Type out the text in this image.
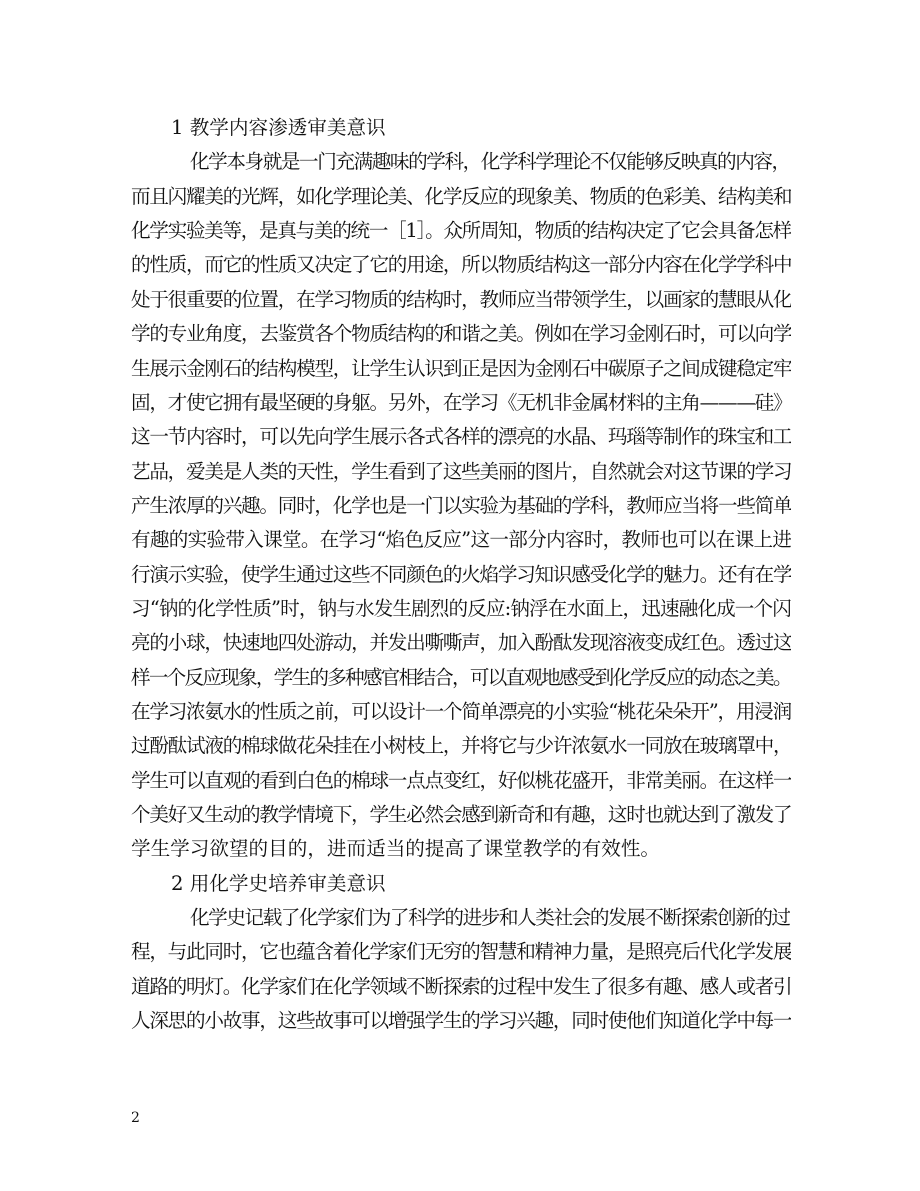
1 教学内容渗透审美意识
化学本身就是一门充满趣味的学科，化学科学理论不仅能够反映真的内容，
而且闪耀美的光辉，如化学理论美、化学反应的现象美、物质的色彩美、结构美和
化学实验美等，是真与美的统一［1］。众所周知，物质的结构决定了它会具备怎样
的性质，而它的性质又决定了它的用途，所以物质结构这一部分内容在化学学科中
处于很重要的位置，在学习物质的结构时，教师应当带领学生，以画家的慧眼从化
学的专业角度，去鉴赏各个物质结构的和谐之美。例如在学习金刚石时，可以向学
生展示金刚石的结构模型，让学生认识到正是因为金刚石中碳原子之间成键稳定牢
固，才使它拥有最坚硬的身躯。另外，在学习《无机非金属材料的主角———硅》
这一节内容时，可以先向学生展示各式各样的漂亮的水晶、玛瑙等制作的珠宝和工
艺品，爱美是人类的天性，学生看到了这些美丽的图片，自然就会对这节课的学习
产生浓厚的兴趣。同时，化学也是一门以实验为基础的学科，教师应当将一些简单
有趣的实验带入课堂。在学习“焰色反应”这一部分内容时，教师也可以在课上进
行演示实验，使学生通过这些不同颜色的火焰学习知识感受化学的魅力。还有在学
习“钠的化学性质”时，钠与水发生剧烈的反应:钠浮在水面上，迅速融化成一个闪
亮的小球，快速地四处游动，并发出嘶嘶声，加入酚酞发现溶液变成红色。透过这
样一个反应现象，学生的多种感官相结合，可以直观地感受到化学反应的动态之美。
在学习浓氨水的性质之前，可以设计一个简单漂亮的小实验“桃花朵朵开”，用浸润
过酚酞试液的棉球做花朵挂在小树枝上，并将它与少许浓氨水一同放在玻璃罩中，
学生可以直观的看到白色的棉球一点点变红，好似桃花盛开，非常美丽。在这样一
个美好又生动的教学情境下，学生必然会感到新奇和有趣，这时也就达到了激发了
学生学习欲望的目的，进而适当的提高了课堂教学的有效性。
2 用化学史培养审美意识
化学史记载了化学家们为了科学的进步和人类社会的发展不断探索创新的过
程，与此同时，它也蕴含着化学家们无穷的智慧和精神力量，是照亮后代化学发展
道路的明灯。化学家们在化学领域不断探索的过程中发生了很多有趣、感人或者引
人深思的小故事，这些故事可以增强学生的学习兴趣，同时使他们知道化学中每一
2
